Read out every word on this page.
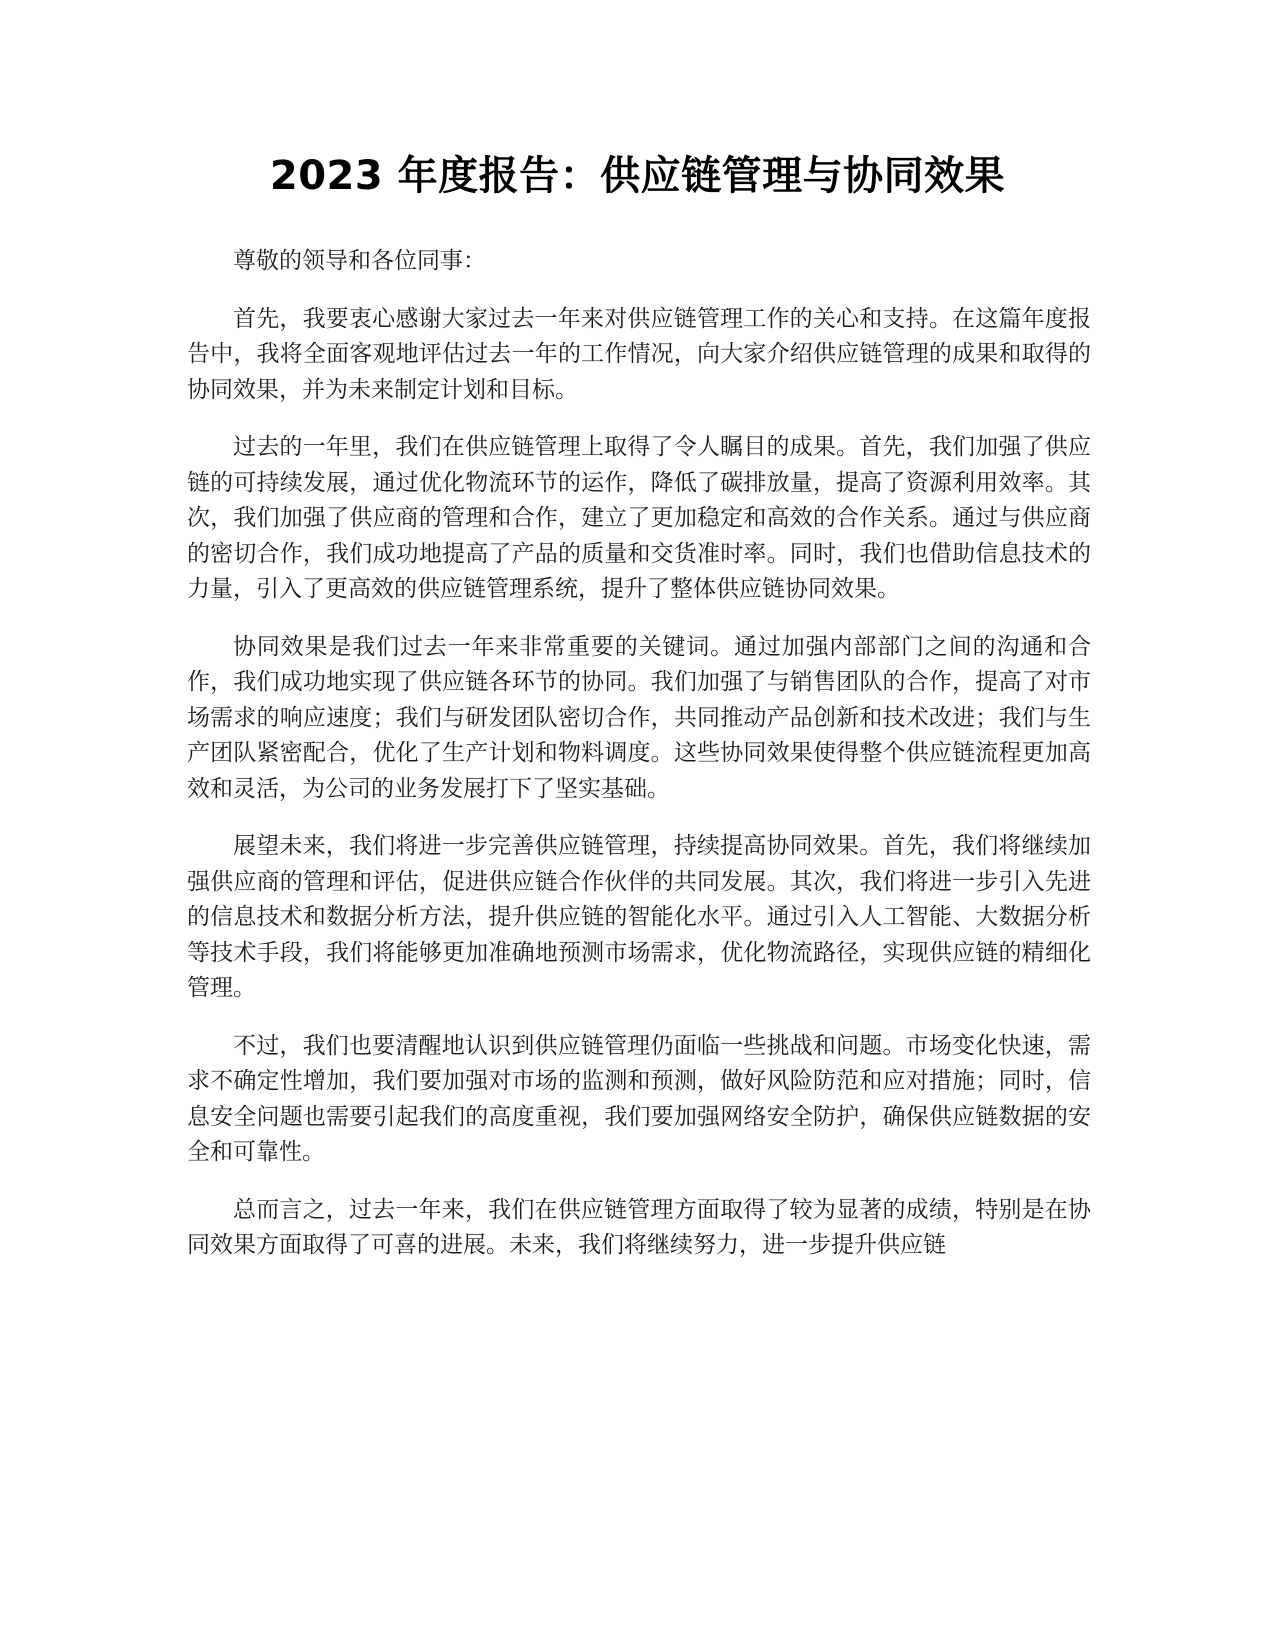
2023 年度报告：供应链管理与协同效果

尊敬的领导和各位同事：

首先，我要衷心感谢大家过去一年来对供应链管理工作的关心和支持。在这篇年度报告中，我将全面客观地评估过去一年的工作情况，向大家介绍供应链管理的成果和取得的协同效果，并为未来制定计划和目标。

过去的一年里，我们在供应链管理上取得了令人瞩目的成果。首先，我们加强了供应链的可持续发展，通过优化物流环节的运作，降低了碳排放量，提高了资源利用效率。其次，我们加强了供应商的管理和合作，建立了更加稳定和高效的合作关系。通过与供应商的密切合作，我们成功地提高了产品的质量和交货准时率。同时，我们也借助信息技术的力量，引入了更高效的供应链管理系统，提升了整体供应链协同效果。

协同效果是我们过去一年来非常重要的关键词。通过加强内部部门之间的沟通和合作，我们成功地实现了供应链各环节的协同。我们加强了与销售团队的合作，提高了对市场需求的响应速度；我们与研发团队密切合作，共同推动产品创新和技术改进；我们与生产团队紧密配合，优化了生产计划和物料调度。这些协同效果使得整个供应链流程更加高效和灵活，为公司的业务发展打下了坚实基础。

展望未来，我们将进一步完善供应链管理，持续提高协同效果。首先，我们将继续加强供应商的管理和评估，促进供应链合作伙伴的共同发展。其次，我们将进一步引入先进的信息技术和数据分析方法，提升供应链的智能化水平。通过引入人工智能、大数据分析等技术手段，我们将能够更加准确地预测市场需求，优化物流路径，实现供应链的精细化管理。

不过，我们也要清醒地认识到供应链管理仍面临一些挑战和问题。市场变化快速，需求不确定性增加，我们要加强对市场的监测和预测，做好风险防范和应对措施；同时，信息安全问题也需要引起我们的高度重视，我们要加强网络安全防护，确保供应链数据的安全和可靠性。

总而言之，过去一年来，我们在供应链管理方面取得了较为显著的成绩，特别是在协同效果方面取得了可喜的进展。未来，我们将继续努力，进一步提升供应链
